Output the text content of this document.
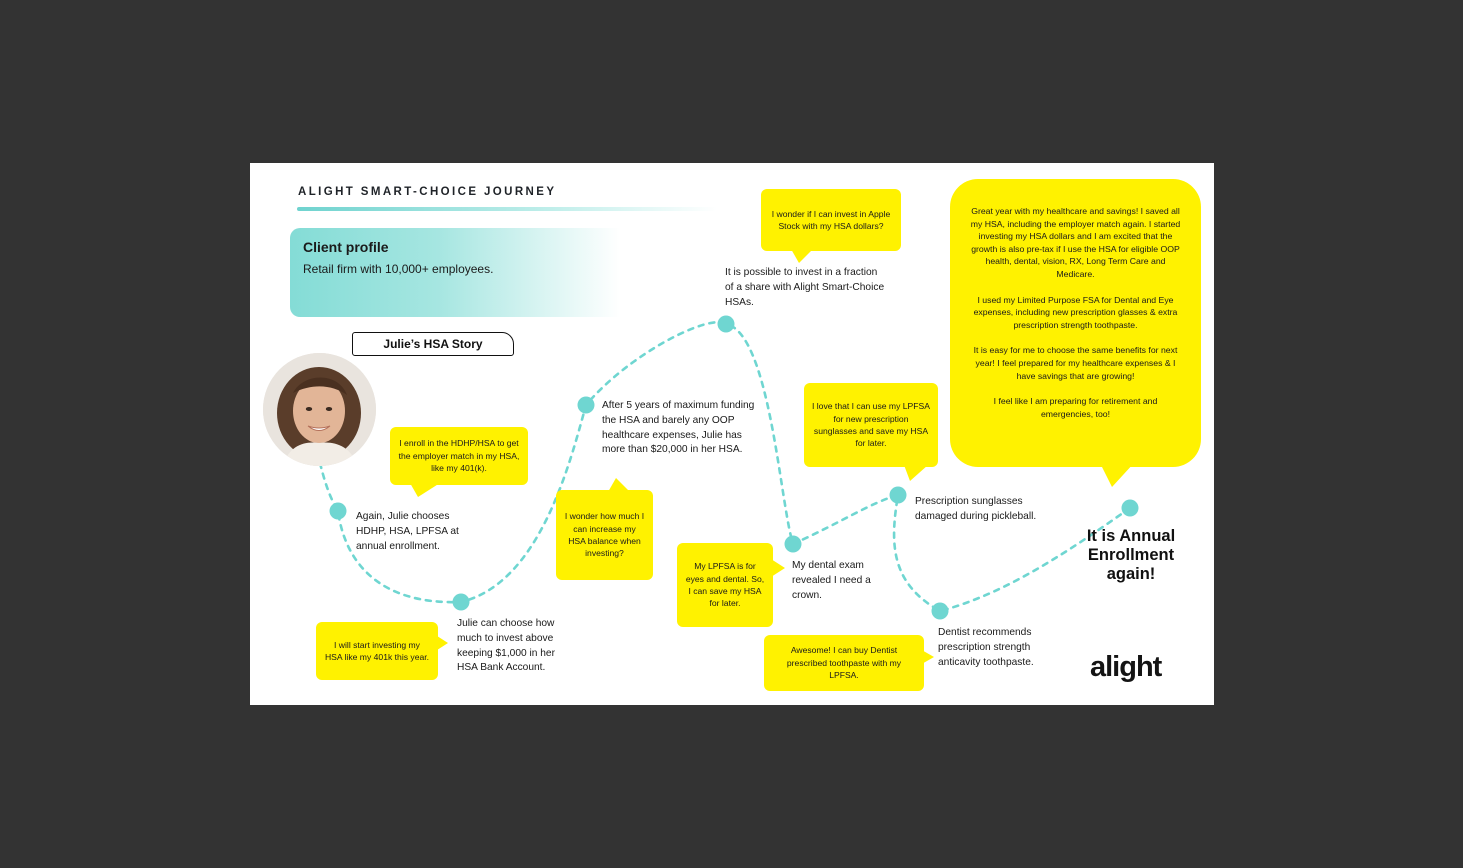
ALIGHT SMART-CHOICE JOURNEY
Client profile
Retail firm with 10,000+ employees.
Julie’s HSA Story
Again, Julie chooses HDHP, HSA, LPFSA at annual enrollment.
I enroll in the HDHP/HSA to get the employer match in my HSA, like my 401(k).
Julie can choose how much to invest above keeping $1,000 in her HSA Bank Account.
I will start investing my HSA like my 401k this year.
After 5 years of maximum funding the HSA and barely any OOP healthcare expenses, Julie has more than $20,000 in her HSA.
I wonder how much I can increase my HSA balance when investing?
It is possible to invest in a fraction of a share with Alight Smart-Choice HSAs.
I wonder if I can invest in Apple Stock with my HSA dollars?
My dental exam revealed I need a crown.
My LPFSA is for eyes and dental. So, I can save my HSA for later.
Prescription sunglasses damaged during pickleball.
I love that I can use my LPFSA for new prescription sunglasses and save my HSA for later.
Dentist recommends prescription strength anticavity toothpaste.
Awesome! I can buy Dentist prescribed toothpaste with my LPFSA.

Great year with my healthcare and savings! I saved all my HSA, including the employer match again. I started investing my HSA dollars and I am excited that the growth is also pre-tax if I use the HSA for eligible OOP health, dental, vision, RX, Long Term Care and Medicare.

I used my Limited Purpose FSA for Dental and Eye expenses, including new prescription glasses & extra prescription strength toothpaste.

It is easy for me to choose the same benefits for next year! I feel prepared for my healthcare expenses & I have savings that are growing!

I feel like I am preparing for retirement and emergencies, too!

It is Annual Enrollment again!
alight
